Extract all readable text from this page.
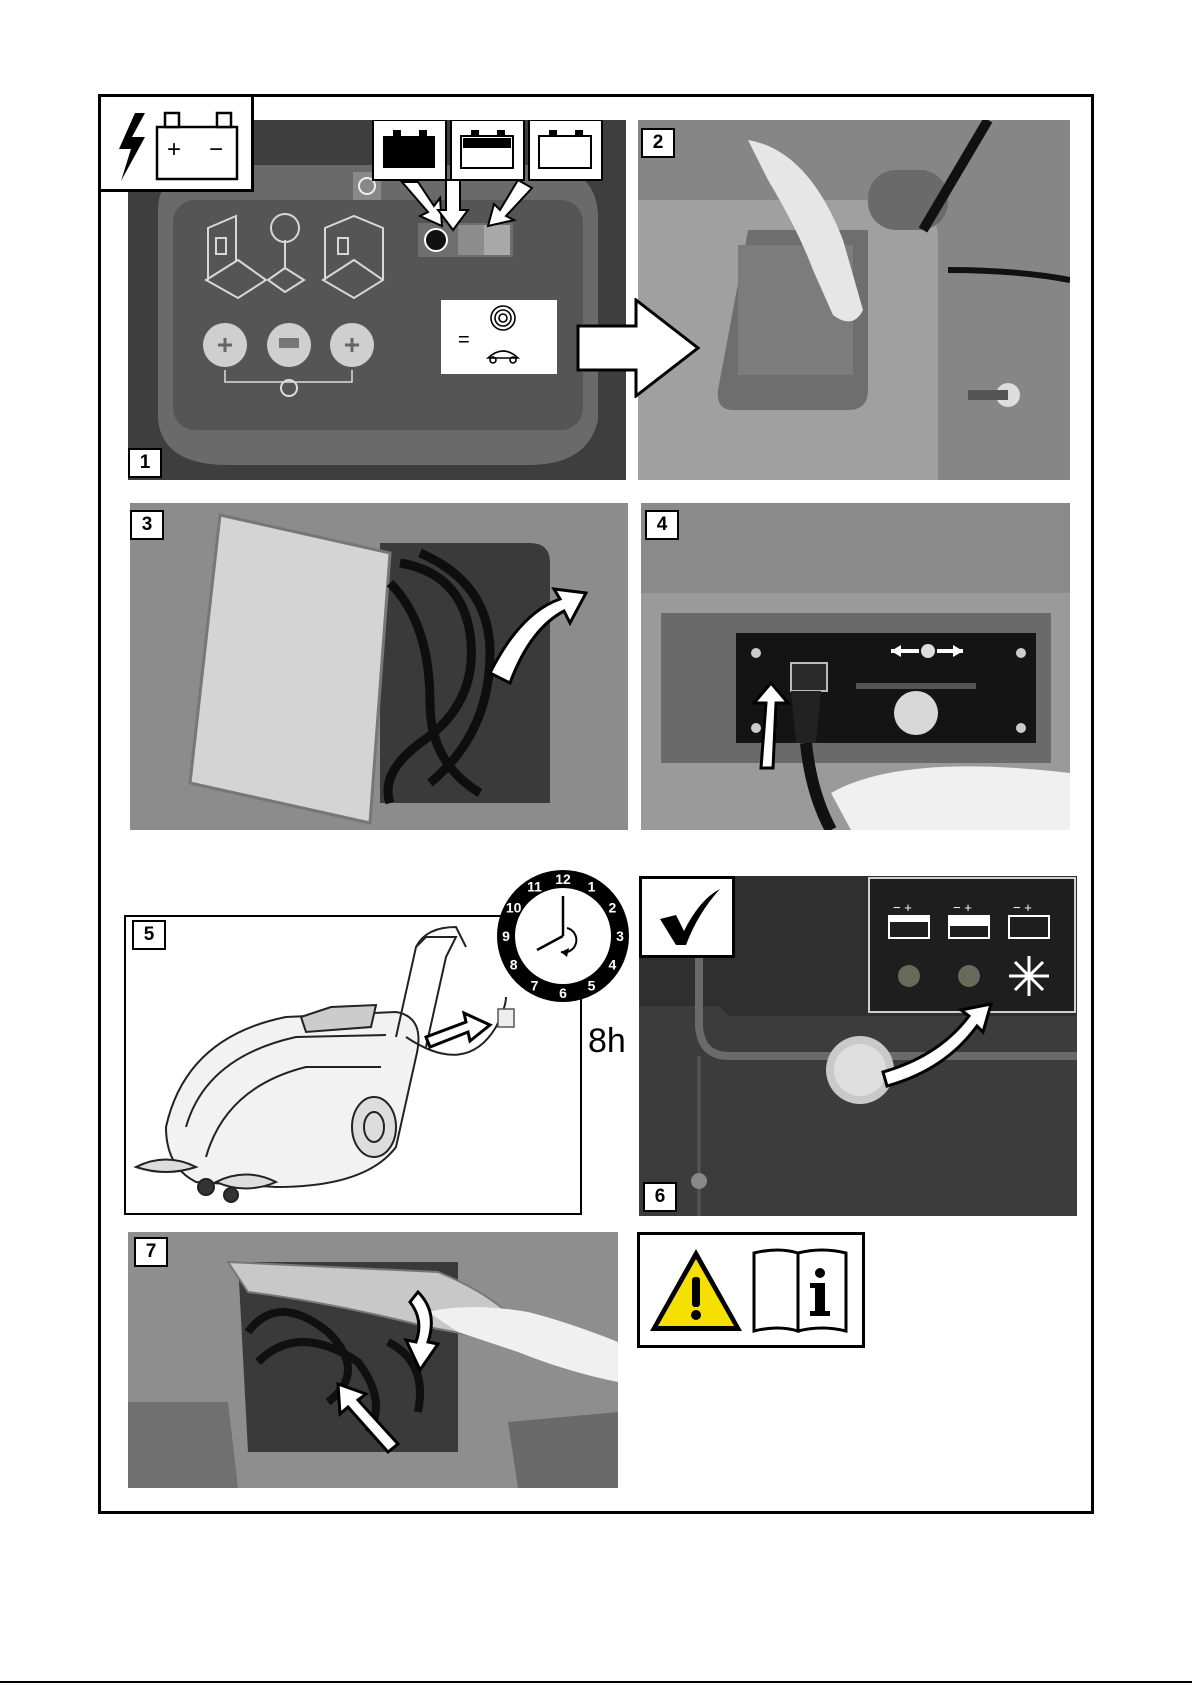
=
+ −
1
2
3	4
5
12 1
2
3
4
5
6
7
8
9
10
11
8h
− +	− +	− +
6
7
